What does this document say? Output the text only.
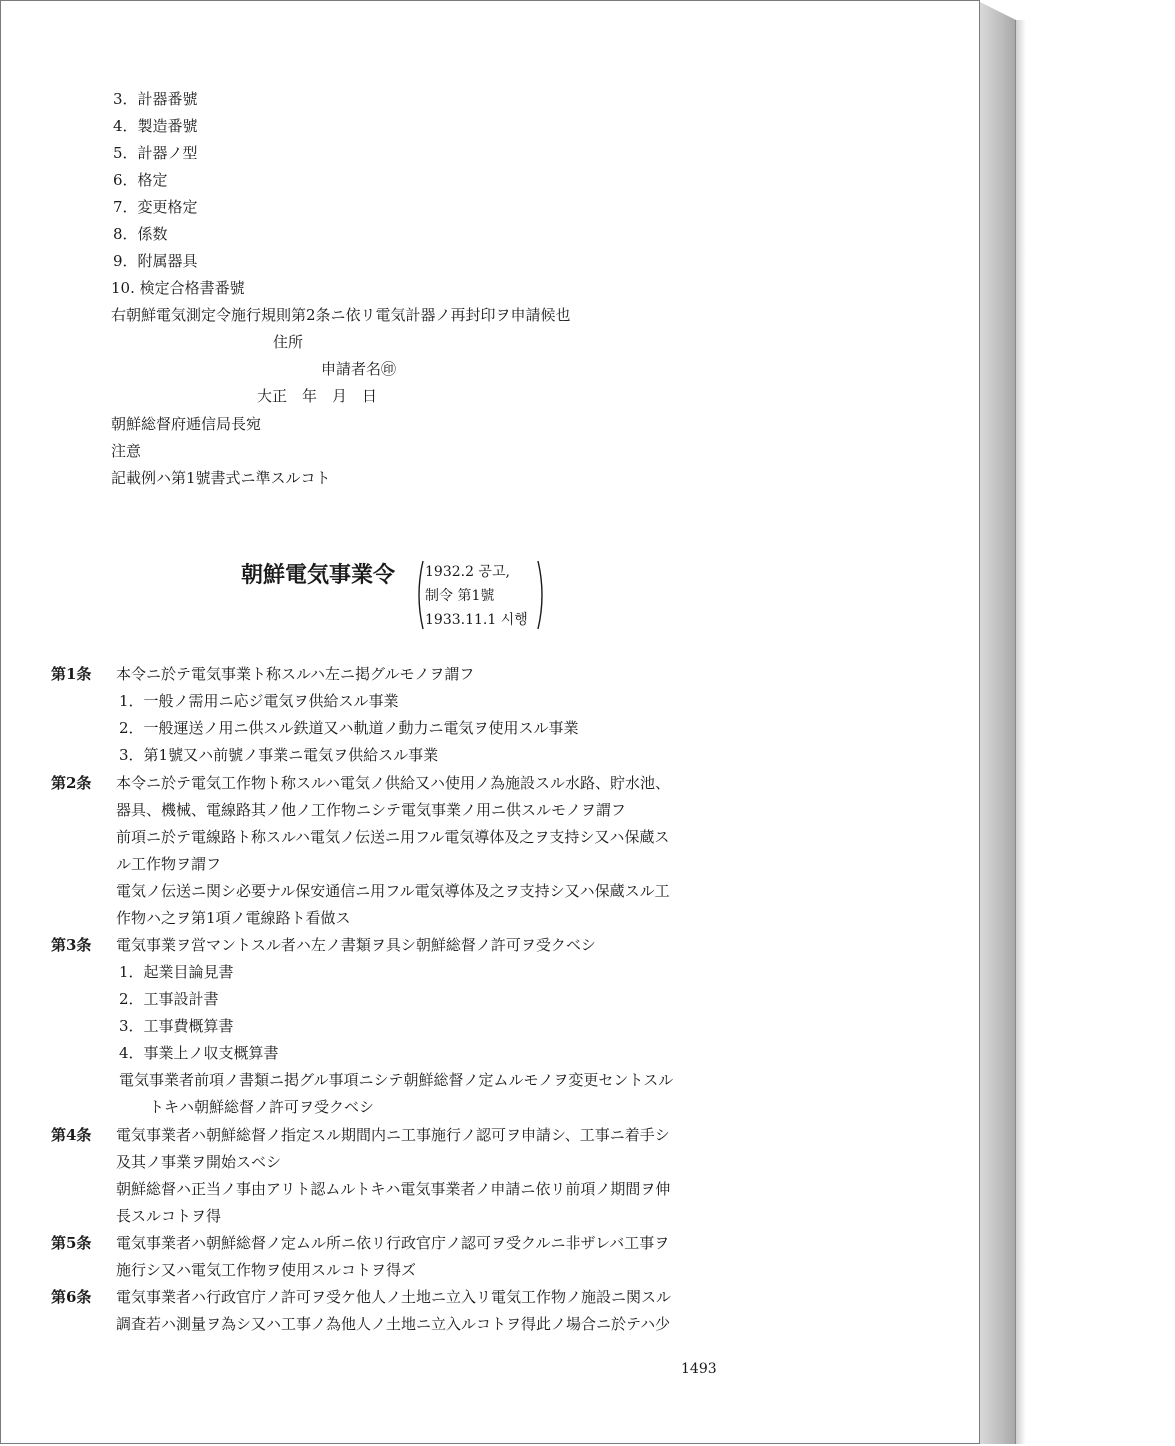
3．計器番號
4．製造番號
5．計器ノ型
6．格定
7．変更格定
8．係数
9．附属器具
10. 検定合格書番號
右朝鮮電気測定令施行規則第2条ニ依リ電気計器ノ再封印ヲ申請候也
住所
申請者名㊞
大正　年　月　日
朝鮮総督府逓信局長宛
注意
記載例ハ第1號書式ニ準スルコト
朝鮮電気事業令 1932.2 공고,
制令 第1號
1933.11.1 시행
第1条 本令ニ於テ電気事業ト称スルハ左ニ掲グルモノヲ謂フ
1．一般ノ需用ニ応ジ電気ヲ供給スル事業
2．一般運送ノ用ニ供スル鉄道又ハ軌道ノ動力ニ電気ヲ使用スル事業
3．第1號又ハ前號ノ事業ニ電気ヲ供給スル事業
第2条 本令ニ於テ電気工作物ト称スルハ電気ノ供給又ハ使用ノ為施設スル水路、貯水池、
器具、機械、電線路其ノ他ノ工作物ニシテ電気事業ノ用ニ供スルモノヲ謂フ
前項ニ於テ電線路ト称スルハ電気ノ伝送ニ用フル電気導体及之ヲ支持シ又ハ保蔵ス
ル工作物ヲ謂フ
電気ノ伝送ニ関シ必要ナル保安通信ニ用フル電気導体及之ヲ支持シ又ハ保蔵スル工
作物ハ之ヲ第1項ノ電線路ト看做ス
第3条 電気事業ヲ営マントスル者ハ左ノ書類ヲ具シ朝鮮総督ノ許可ヲ受クベシ
1．起業目論見書
2．工事設計書
3．工事費概算書
4．事業上ノ収支概算書
電気事業者前項ノ書類ニ掲グル事項ニシテ朝鮮総督ノ定ムルモノヲ変更セントスル
トキハ朝鮮総督ノ許可ヲ受クベシ
第4条 電気事業者ハ朝鮮総督ノ指定スル期間内ニ工事施行ノ認可ヲ申請シ、工事ニ着手シ
及其ノ事業ヲ開始スベシ
朝鮮総督ハ正当ノ事由アリト認ムルトキハ電気事業者ノ申請ニ依リ前項ノ期間ヲ伸
長スルコトヲ得
第5条 電気事業者ハ朝鮮総督ノ定ムル所ニ依リ行政官庁ノ認可ヲ受クルニ非ザレバ工事ヲ
施行シ又ハ電気工作物ヲ使用スルコトヲ得ズ
第6条 電気事業者ハ行政官庁ノ許可ヲ受ケ他人ノ土地ニ立入リ電気工作物ノ施設ニ関スル
調査若ハ測量ヲ為シ又ハ工事ノ為他人ノ土地ニ立入ルコトヲ得此ノ場合ニ於テハ少
1493
